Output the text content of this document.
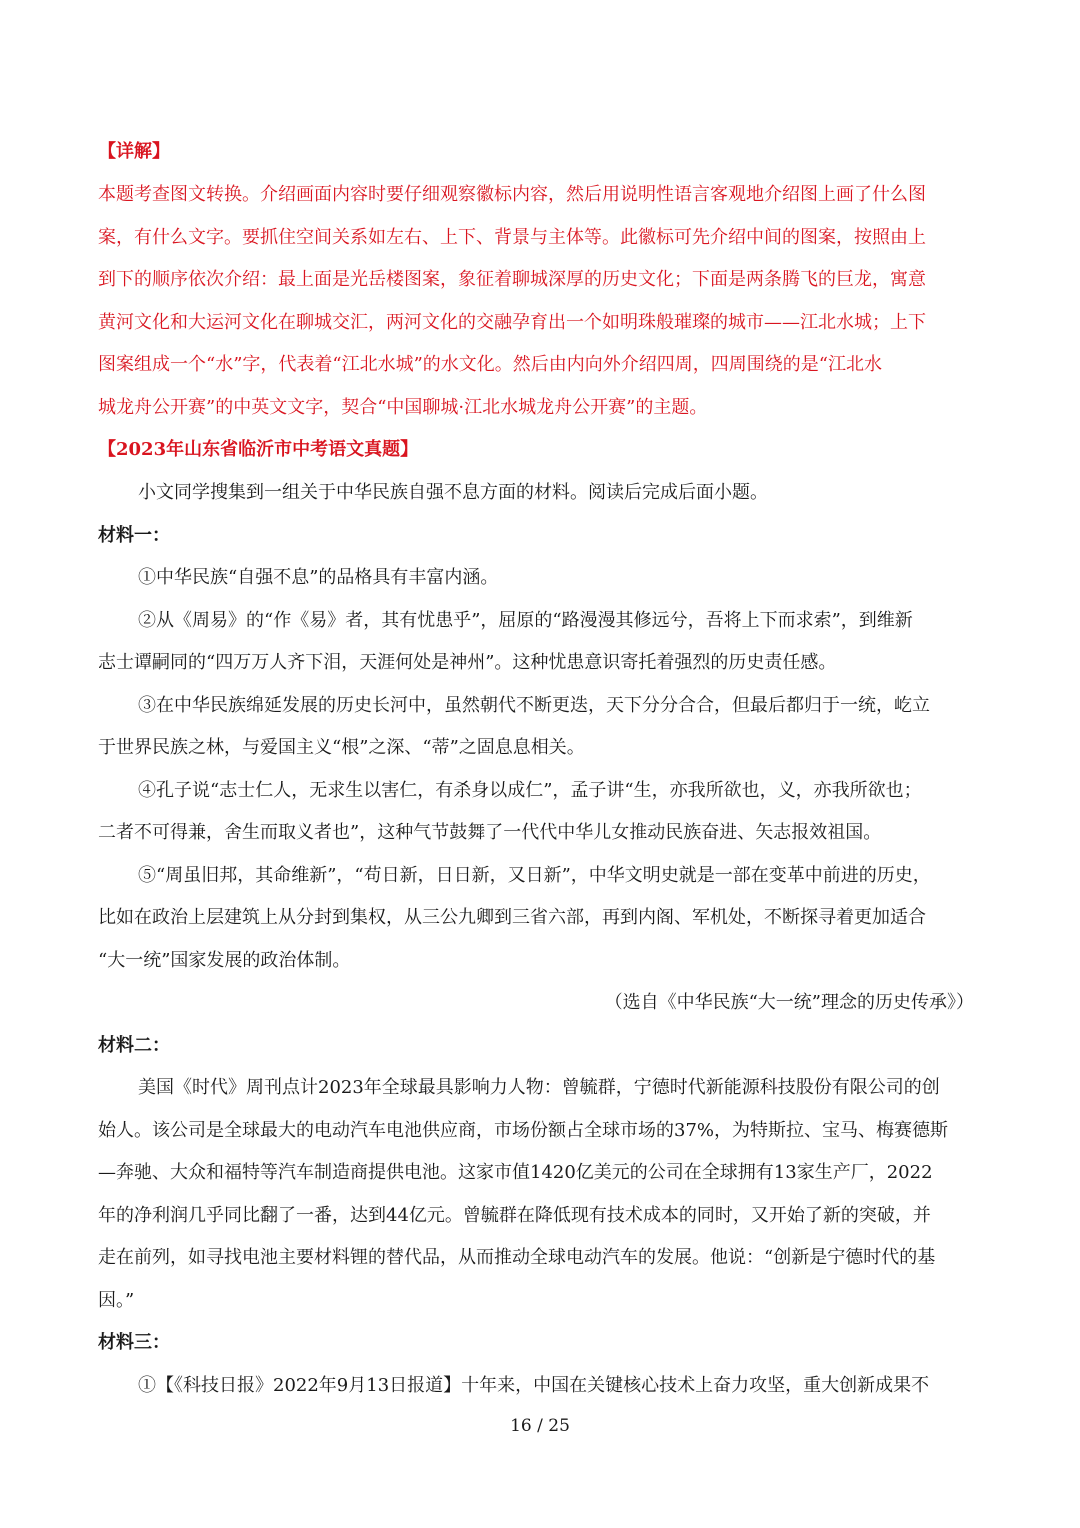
【详解】
本题考查图文转换。介绍画面内容时要仔细观察徽标内容，然后用说明性语言客观地介绍图上画了什么图
案，有什么文字。要抓住空间关系如左右、上下、背景与主体等。此徽标可先介绍中间的图案，按照由上
到下的顺序依次介绍：最上面是光岳楼图案，象征着聊城深厚的历史文化；下面是两条腾飞的巨龙，寓意
黄河文化和大运河文化在聊城交汇，两河文化的交融孕育出一个如明珠般璀璨的城市——江北水城；上下
图案组成一个“水”字，代表着“江北水城”的水文化。然后由内向外介绍四周，四周围绕的是“江北水
城龙舟公开赛”的中英文文字，契合“中国聊城·江北水城龙舟公开赛”的主题。
【2023年山东省临沂市中考语文真题】
小文同学搜集到一组关于中华民族自强不息方面的材料。阅读后完成后面小题。
材料一：
①中华民族“自强不息”的品格具有丰富内涵。
②从《周易》的“作《易》者，其有忧患乎”，屈原的“路漫漫其修远兮，吾将上下而求索”，到维新
志士谭嗣同的“四万万人齐下泪，天涯何处是神州”。这种忧患意识寄托着强烈的历史责任感。
③在中华民族绵延发展的历史长河中，虽然朝代不断更迭，天下分分合合，但最后都归于一统，屹立
于世界民族之林，与爱国主义“根”之深、“蒂”之固息息相关。
④孔子说“志士仁人，无求生以害仁，有杀身以成仁”，孟子讲“生，亦我所欲也，义，亦我所欲也；
二者不可得兼，舍生而取义者也”，这种气节鼓舞了一代代中华儿女推动民族奋进、矢志报效祖国。
⑤“周虽旧邦，其命维新”，“苟日新，日日新，又日新”，中华文明史就是一部在变革中前进的历史，
比如在政治上层建筑上从分封到集权，从三公九卿到三省六部，再到内阁、军机处，不断探寻着更加适合
“大一统”国家发展的政治体制。
（选自《中华民族“大一统”理念的历史传承》）
材料二：
美国《时代》周刊点计2023年全球最具影响力人物：曾毓群，宁德时代新能源科技股份有限公司的创
始人。该公司是全球最大的电动汽车电池供应商，市场份额占全球市场的37%，为特斯拉、宝马、梅赛德斯
—奔驰、大众和福特等汽车制造商提供电池。这家市值1420亿美元的公司在全球拥有13家生产厂，2022
年的净利润几乎同比翻了一番，达到44亿元。曾毓群在降低现有技术成本的同时，又开始了新的突破，并
走在前列，如寻找电池主要材料锂的替代品，从而推动全球电动汽车的发展。他说：“创新是宁德时代的基
因。”
材料三：
①【《科技日报》2022年9月13日报道】十年来，中国在关键核心技术上奋力攻坚，重大创新成果不
16 / 25
